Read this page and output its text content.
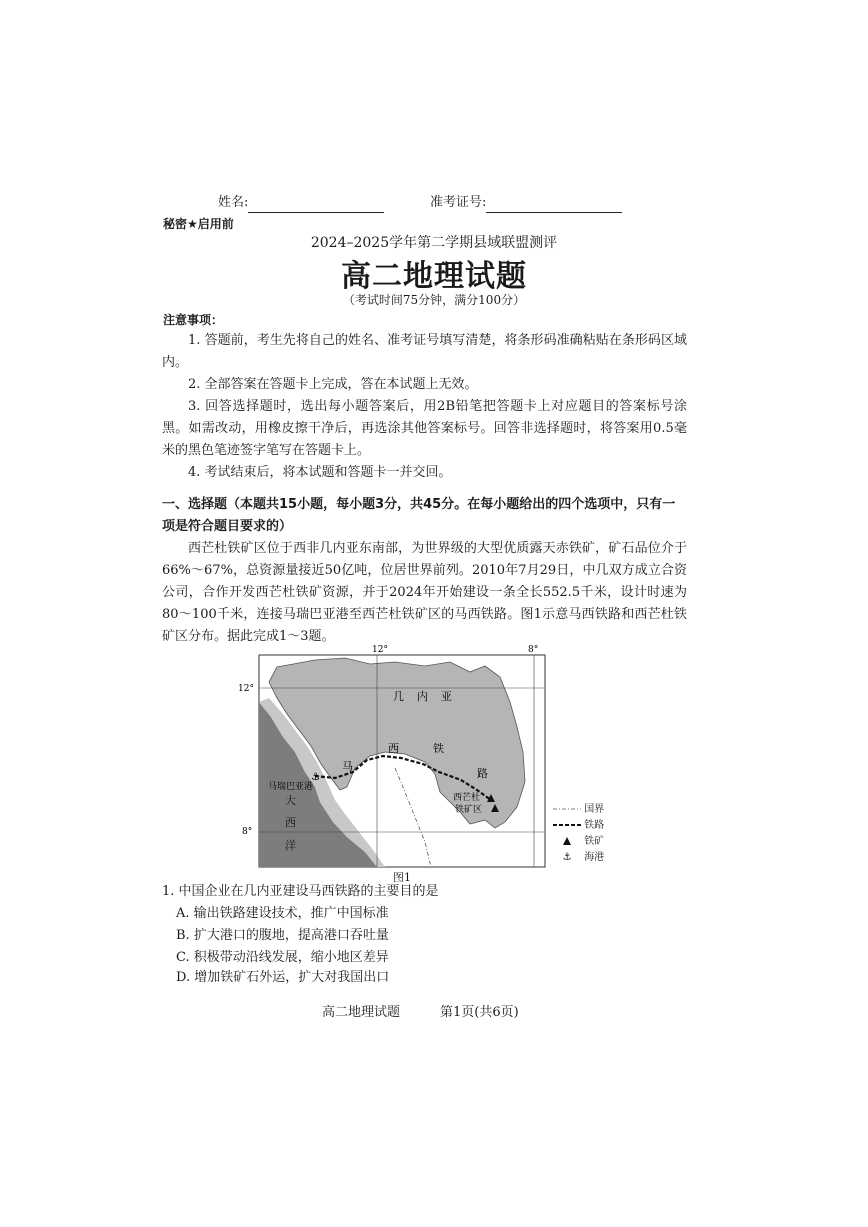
姓名:	准考证号:
秘密★启用前
2024–2025学年第二学期县域联盟测评
高二地理试题
（考试时间75分钟，满分100分）
注意事项：

1. 答题前，考生先将自己的姓名、准考证号填写清楚，将条形码准确粘贴在条形码区域内。

2. 全部答案在答题卡上完成，答在本试题上无效。

3. 回答选择题时，选出每小题答案后，用2B铅笔把答题卡上对应题目的答案标号涂黑。如需改动，用橡皮擦干净后，再选涂其他答案标号。回答非选择题时，将答案用0.5毫米的黑色笔迹签字笔写在答题卡上。

4. 考试结束后，将本试题和答题卡一并交回。

一、选择题（本题共15小题，每小题3分，共45分。在每小题给出的四个选项中，只有一项是符合题目要求的）

西芒杜铁矿区位于西非几内亚东南部，为世界级的大型优质露天赤铁矿，矿石品位介于66%～67%，总资源量接近50亿吨，位居世界前列。2010年7月29日，中几双方成立合资公司，合作开发西芒杜铁矿资源，并于2024年开始建设一条全长552.5千米，设计时速为80～100千米，连接马瑞巴亚港至西芒杜铁矿区的马西铁路。图1示意马西铁路和西芒杜铁矿区分布。据此完成1～3题。

12°	8°
12°
8°
⚓
几 内 亚
马
西	铁
路
马瑞巴亚港
西芒杜
铁矿区
大
西
洋
国界
铁路
铁矿
⚓ 海港
图1
1. 中国企业在几内亚建设马西铁路的主要目的是
A. 输出铁路建设技术，推广中国标准
B. 扩大港口的腹地，提高港口吞吐量
C. 积极带动沿线发展，缩小地区差异
D. 增加铁矿石外运，扩大对我国出口
高二地理试题	第1页(共6页)
